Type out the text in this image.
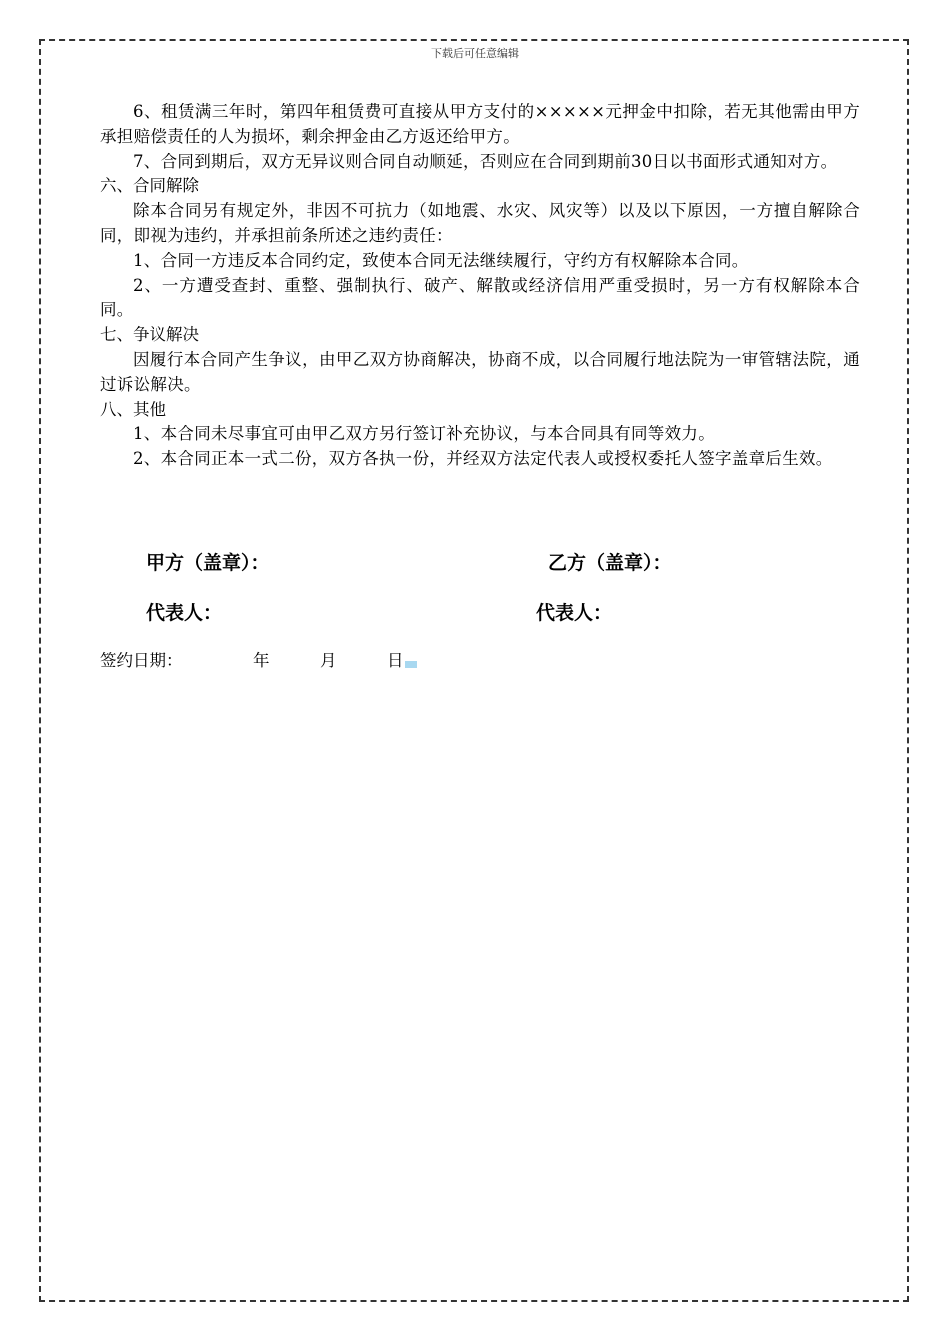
下载后可任意编辑

6、租赁满三年时，第四年租赁费可直接从甲方支付的×××××元押金中扣除，若无其他需由甲方承担赔偿责任的人为损坏，剩余押金由乙方返还给甲方。

7、合同到期后，双方无异议则合同自动顺延，否则应在合同到期前30日以书面形式通知对方。

六、合同解除

除本合同另有规定外，非因不可抗力（如地震、水灾、风灾等）以及以下原因，一方擅自解除合同，即视为违约，并承担前条所述之违约责任：

1、合同一方违反本合同约定，致使本合同无法继续履行，守约方有权解除本合同。

2、一方遭受查封、重整、强制执行、破产、解散或经济信用严重受损时，另一方有权解除本合同。

七、争议解决

因履行本合同产生争议，由甲乙双方协商解决，协商不成，以合同履行地法院为一审管辖法院，通过诉讼解决。

八、其他

1、本合同未尽事宜可由甲乙双方另行签订补充协议，与本合同具有同等效力。

2、本合同正本一式二份，双方各执一份，并经双方法定代表人或授权委托人签字盖章后生效。

甲方（盖章）：	乙方（盖章）：
代表人：	代表人：
签约日期：	年	月	日
